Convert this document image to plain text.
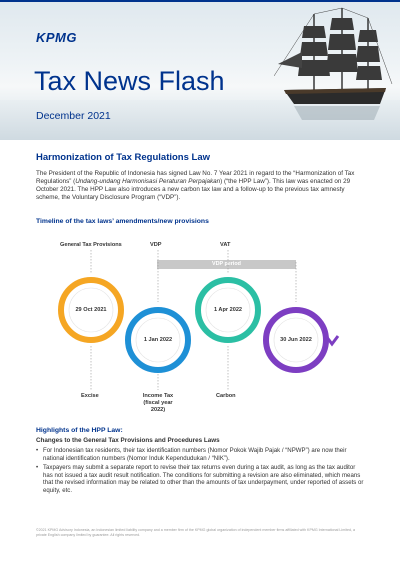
KPMG
Tax News Flash
December 2021
Harmonization of Tax Regulations Law
The President of the Republic of Indonesia has signed Law No. 7 Year 2021 in regard to the “Harmonization of Tax Regulations” (Undang-undang Harmonisasi Peraturan Perpajakan) (“the HPP Law”). This law was enacted on 29 October 2021. The HPP Law also introduces a new carbon tax law and a follow-up to the previous tax amnesty scheme, the Voluntary Disclosure Program (“VDP”).
Timeline of the tax laws’ amendments/new provisions
General Tax Provisions	VDP	VAT
VDP period
29 Oct 2021
1 Jan 2022
1 Apr 2022
30 Jun 2022
Excise	Income Tax
(fiscal year 2022)
Carbon
Highlights of the HPP Law:
Changes to the General Tax Provisions and Procedures Laws
• For Indonesian tax residents, their tax identification numbers (Nomor Pokok Wajib Pajak / “NPWP”) are now their national identification numbers (Nomor Induk Kependudukan / “NIK”).
• Taxpayers may submit a separate report to revise their tax returns even during a tax audit, as long as the tax auditor has not issued a tax audit result notification. The conditions for submitting a revision are also eliminated, which means that the revised information may be related to other than the amounts of tax underpayment, under reported of assets or equity, etc.
©2021 KPMG Advisory Indonesia, an Indonesian limited liability company and a member firm of the KPMG global organization of independent member firms affiliated with KPMG International Limited, a private English company limited by guarantee. All rights reserved.
